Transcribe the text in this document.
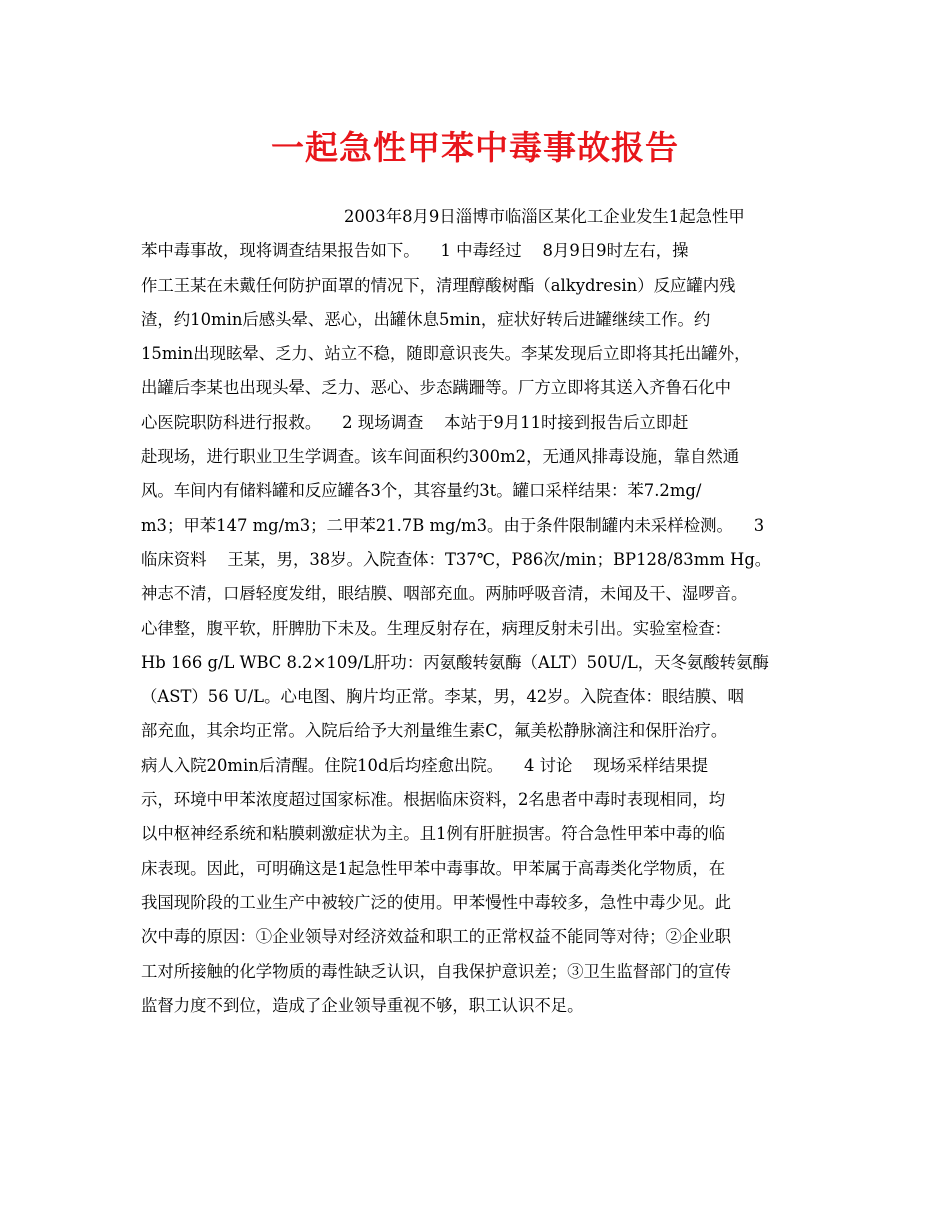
一起急性甲苯中毒事故报告
2003年8月9日淄博市临淄区某化工企业发生1起急性甲
苯中毒事故，现将调查结果报告如下。    1 中毒经过    8月9日9时左右，操
作工王某在未戴任何防护面罩的情况下，清理醇酸树酯（alkydresin）反应罐内残
渣，约10min后感头晕、恶心，出罐休息5min，症状好转后进罐继续工作。约
15min出现眩晕、乏力、站立不稳，随即意识丧失。李某发现后立即将其托出罐外，
出罐后李某也出现头晕、乏力、恶心、步态蹒跚等。厂方立即将其送入齐鲁石化中
心医院职防科进行报救。    2 现场调查    本站于9月11时接到报告后立即赶
赴现场，进行职业卫生学调查。该车间面积约300m2，无通风排毒设施，靠自然通
风。车间内有储料罐和反应罐各3个，其容量约3t。罐口采样结果：苯7.2mg/
m3；甲苯147 mg/m3；二甲苯21.7B mg/m3。由于条件限制罐内未采样检测。    3
临床资料    王某，男，38岁。入院查体：T37℃，P86次/min；BP128/83mm Hg。
神志不清，口唇轻度发绀，眼结膜、咽部充血。两肺呼吸音清，未闻及干、湿啰音。
心律整，腹平软，肝脾肋下未及。生理反射存在，病理反射未引出。实验室检查：
Hb 166 g/L WBC 8.2×109/L肝功：丙氨酸转氨酶（ALT）50U/L，天冬氨酸转氨酶
（AST）56 U/L。心电图、胸片均正常。李某，男，42岁。入院查体：眼结膜、咽
部充血，其余均正常。入院后给予大剂量维生素C，氟美松静脉滴注和保肝治疗。
病人入院20min后清醒。住院10d后均痊愈出院。    4 讨论    现场采样结果提
示，环境中甲苯浓度超过国家标准。根据临床资料，2名患者中毒时表现相同，均
以中枢神经系统和粘膜刺激症状为主。且1例有肝脏损害。符合急性甲苯中毒的临
床表现。因此，可明确这是1起急性甲苯中毒事故。甲苯属于高毒类化学物质，在
我国现阶段的工业生产中被较广泛的使用。甲苯慢性中毒较多，急性中毒少见。此
次中毒的原因：①企业领导对经济效益和职工的正常权益不能同等对待；②企业职
工对所接触的化学物质的毒性缺乏认识，自我保护意识差；③卫生监督部门的宣传
监督力度不到位，造成了企业领导重视不够，职工认识不足。
